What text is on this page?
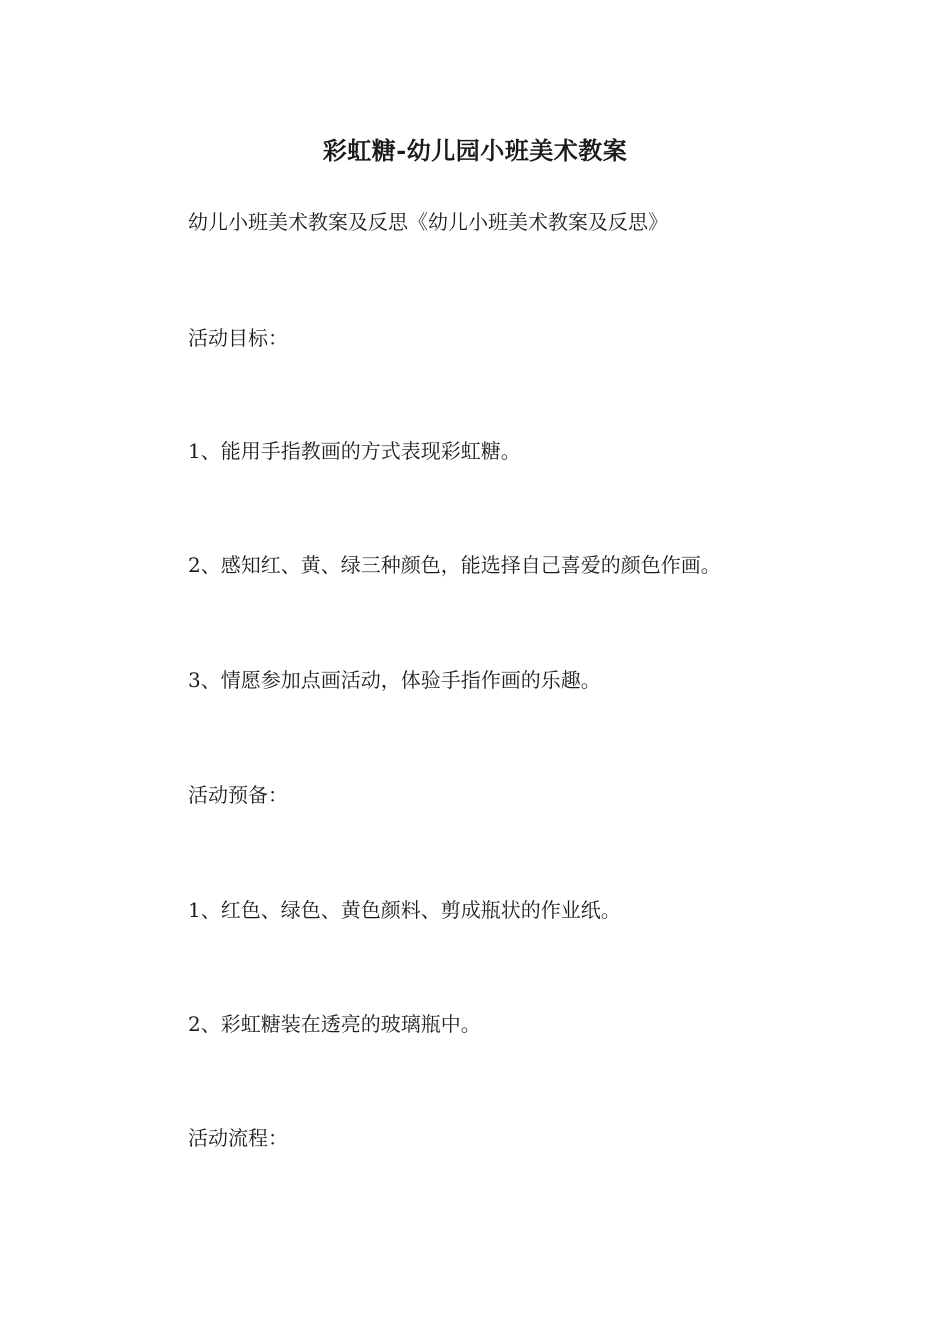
彩虹糖-幼儿园小班美术教案
幼儿小班美术教案及反思《幼儿小班美术教案及反思》
活动目标：
1、能用手指教画的方式表现彩虹糖。
2、感知红、黄、绿三种颜色，能选择自己喜爱的颜色作画。
3、情愿参加点画活动，体验手指作画的乐趣。
活动预备：
1、红色、绿色、黄色颜料、剪成瓶状的作业纸。
2、彩虹糖装在透亮的玻璃瓶中。
活动流程：
